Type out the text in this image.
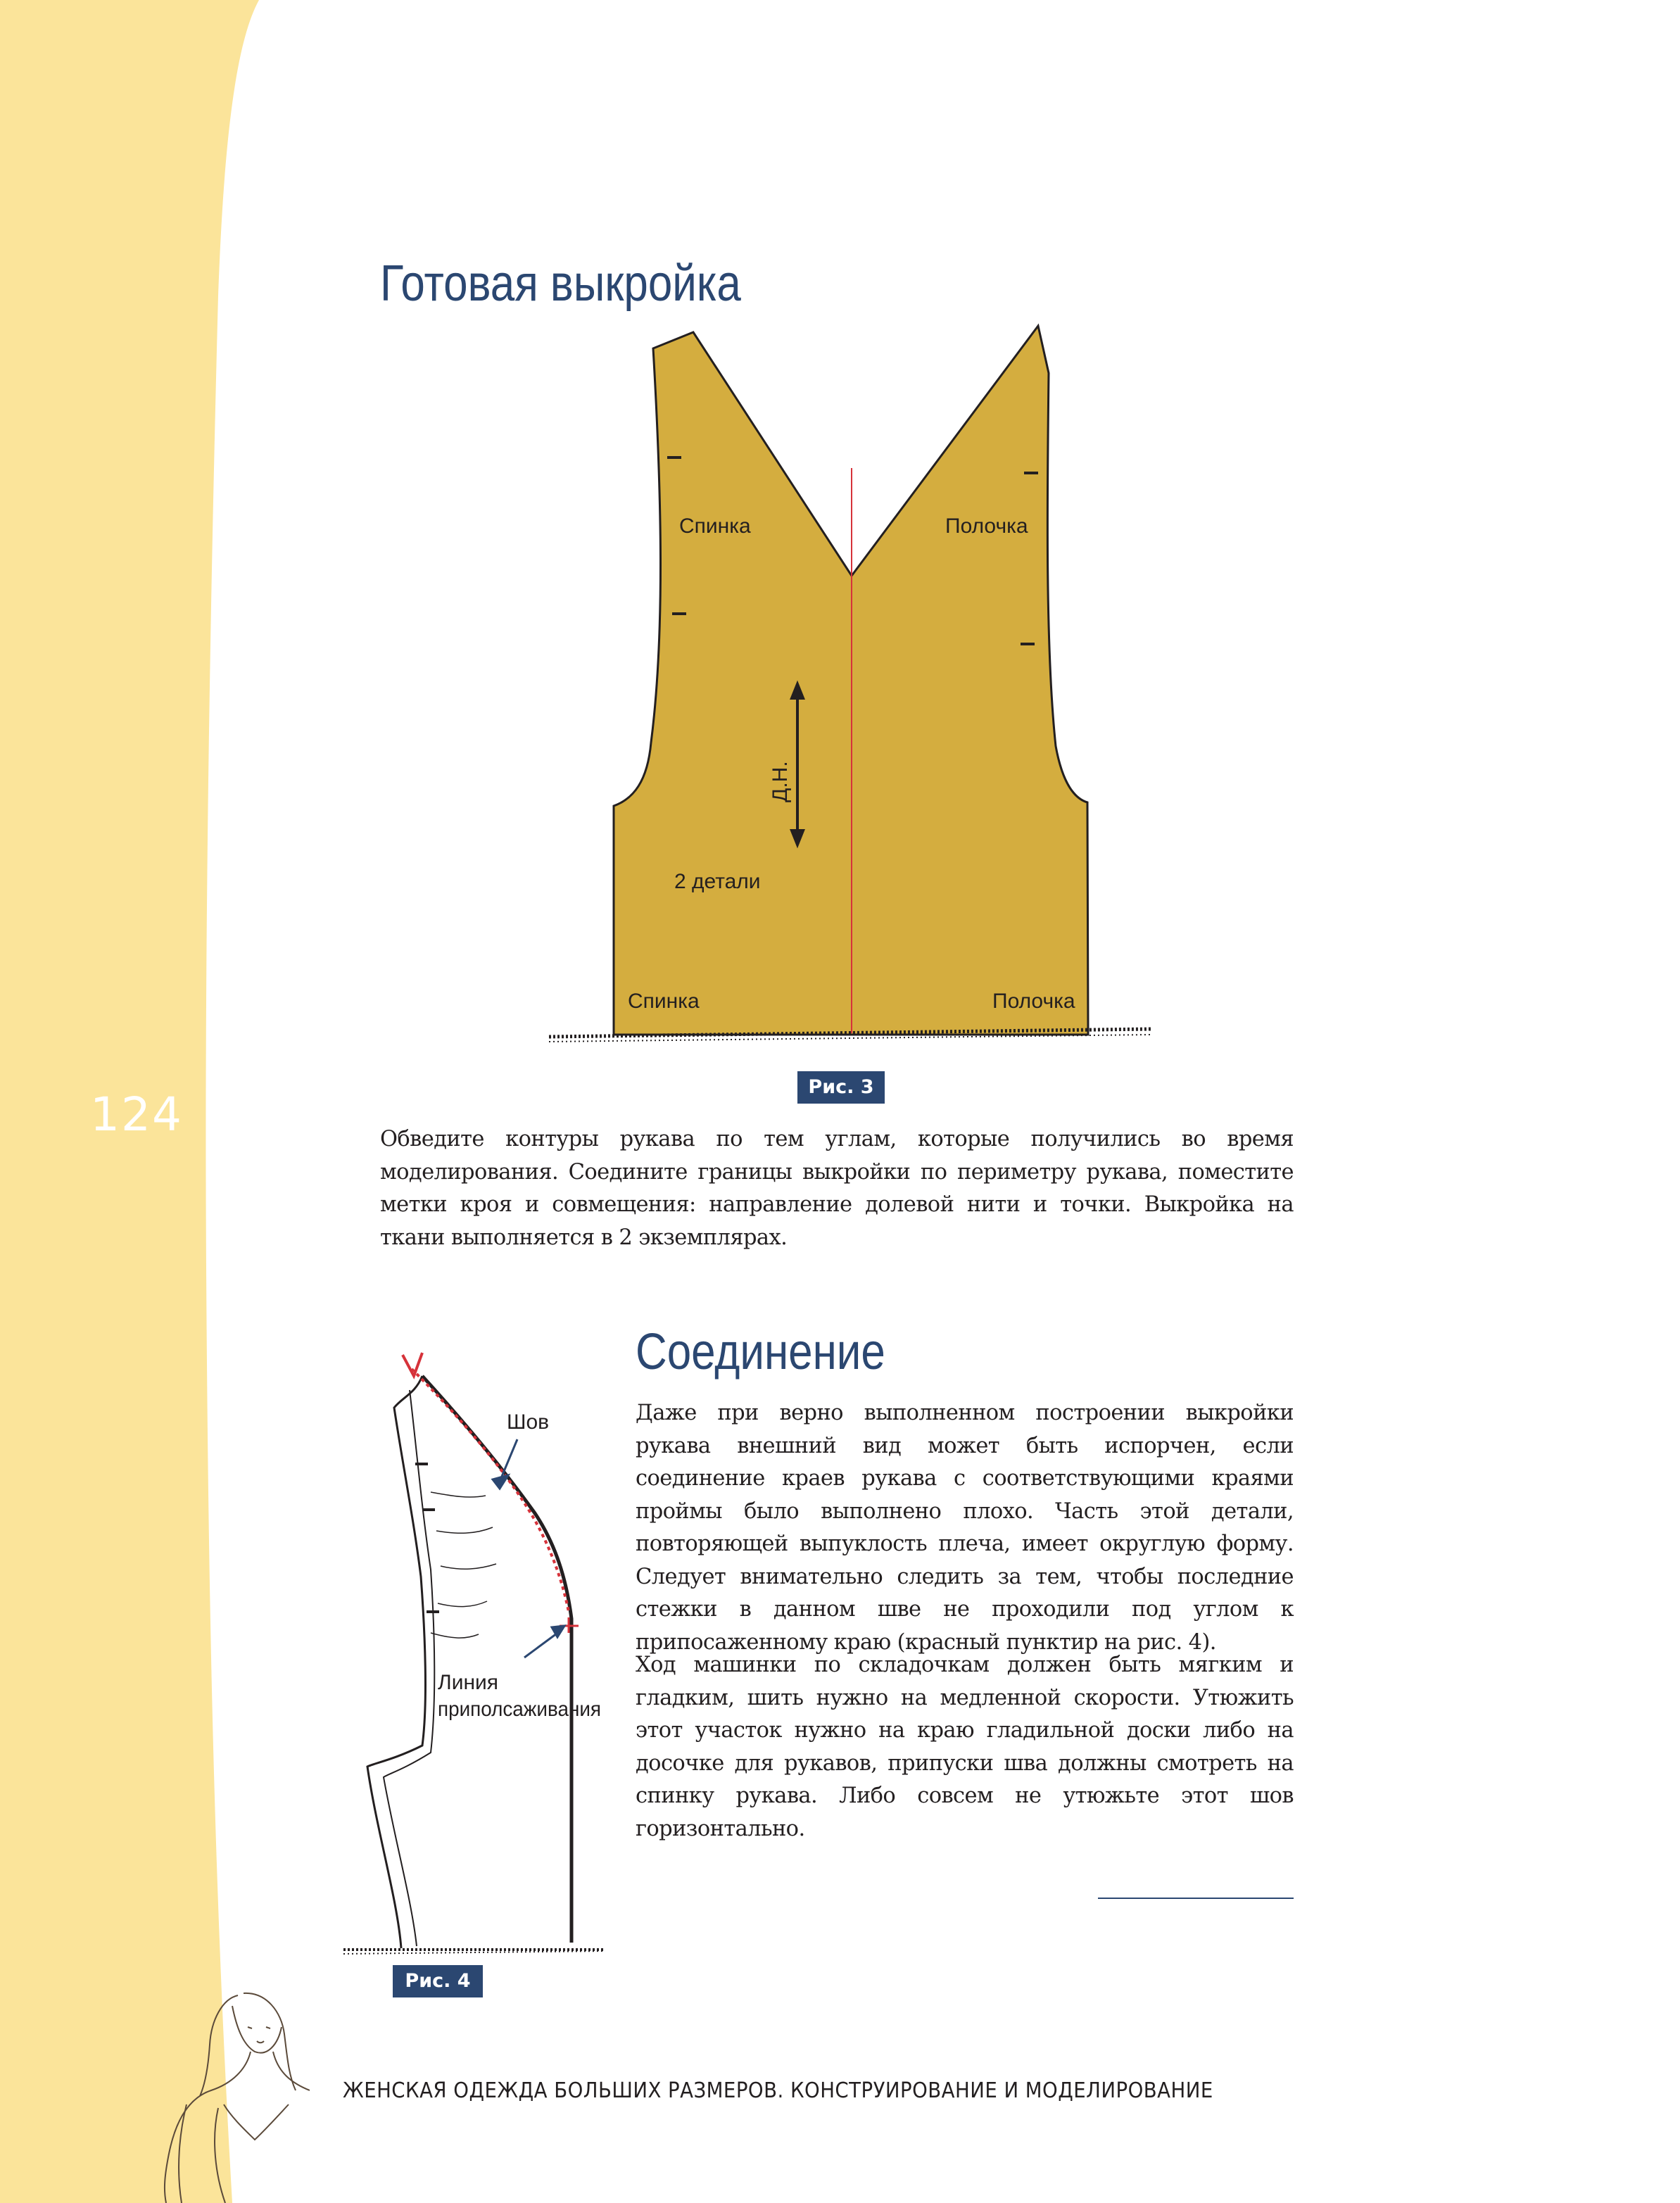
124
Готовая выкройка
Спинка	Полочка
Д.Н.
2 детали
Спинка	Полочка
Рис. 3

Обведите контуры рукава по тем углам, которые получились во время моделирования. Соедините границы выкройки по периметру рукава, поместите метки кроя и совмещения: направление долевой нити и точки. Выкройка на ткани выполняется в 2 экземплярах.

Шов
Линия
приполсаживания
Рис. 4
Соединение

Даже при верно выполненном построении выкройки рукава внешний вид может быть испорчен, если соединение краев рукава с соответствующими краями проймы было выполнено плохо. Часть этой детали, повторяющей выпуклость плеча, имеет округлую форму. Следует внимательно следить за тем, чтобы последние стежки в данном шве не проходили под углом к припосаженному краю (красный пунктир на рис. 4).

Ход машинки по складочкам должен быть мягким и гладким, шить нужно на медленной скорости. Утюжить этот участок нужно на краю гладильной доски либо на досочке для рукавов, припуски шва должны смотреть на спинку рукава. Либо совсем не утюжьте этот шов горизонтально.

ЖЕНСКАЯ ОДЕЖДА БОЛЬШИХ РАЗМЕРОВ. КОНСТРУИРОВАНИЕ И МОДЕЛИРОВАНИЕ
